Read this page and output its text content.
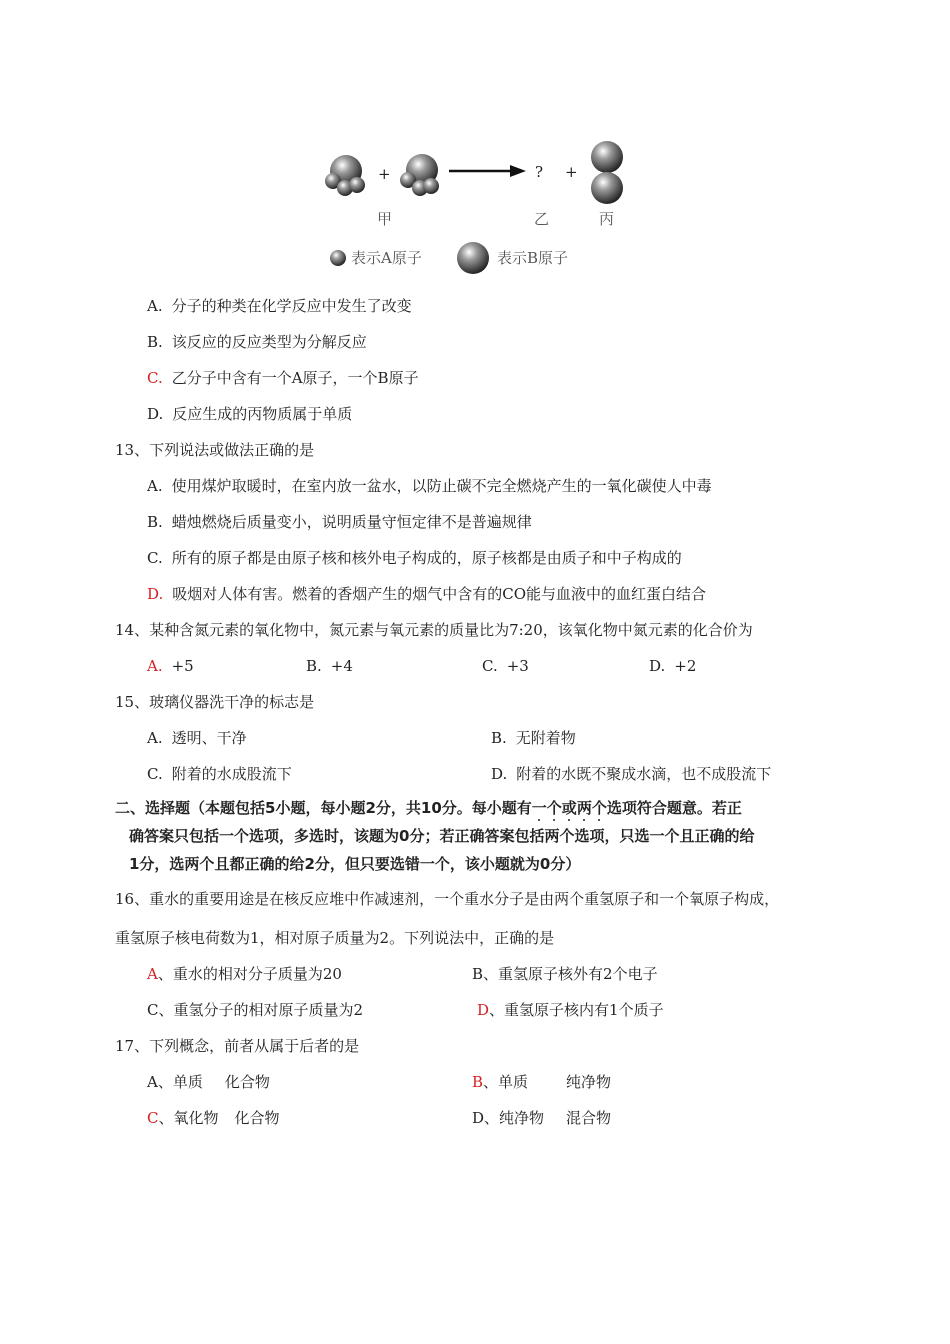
+	? +
甲	乙	丙
表示A原子	表示B原子
A. 分子的种类在化学反应中发生了改变
B. 该反应的反应类型为分解反应
C. 乙分子中含有一个A原子，一个B原子
D. 反应生成的丙物质属于单质
13、下列说法或做法正确的是
A. 使用煤炉取暖时，在室内放一盆水，以防止碳不完全燃烧产生的一氧化碳使人中毒
B. 蜡烛燃烧后质量变小，说明质量守恒定律不是普遍规律
C. 所有的原子都是由原子核和核外电子构成的，原子核都是由质子和中子构成的
D. 吸烟对人体有害。燃着的香烟产生的烟气中含有的CO能与血液中的血红蛋白结合
14、某种含氮元素的氧化物中，氮元素与氧元素的质量比为7:20，该氧化物中氮元素的化合价为
A. +5	B. +4	C. +3	D. +2
15、玻璃仪器洗干净的标志是
A. 透明、干净	B. 无附着物
C. 附着的水成股流下	D. 附着的水既不聚成水滴，也不成股流下
二、选择题（本题包括5小题，每小题2分，共10分。每小题有一个或两个选项符合题意。若正
确答案只包括一个选项，多选时，该题为0分；若正确答案包括两个选项，只选一个且正确的给
1分，选两个且都正确的给2分，但只要选错一个，该小题就为0分）
16、重水的重要用途是在核反应堆中作减速剂，一个重水分子是由两个重氢原子和一个氧原子构成，
重氢原子核电荷数为1，相对原子质量为2。下列说法中，正确的是
A、重水的相对分子质量为20	B、重氢原子核外有2个电子
C、重氢分子的相对原子质量为2	D、重氢原子核内有1个质子
17、下列概念，前者从属于后者的是
A、单质 化合物	B、单质	纯净物
C、氧化物 化合物	D、纯净物 混合物
